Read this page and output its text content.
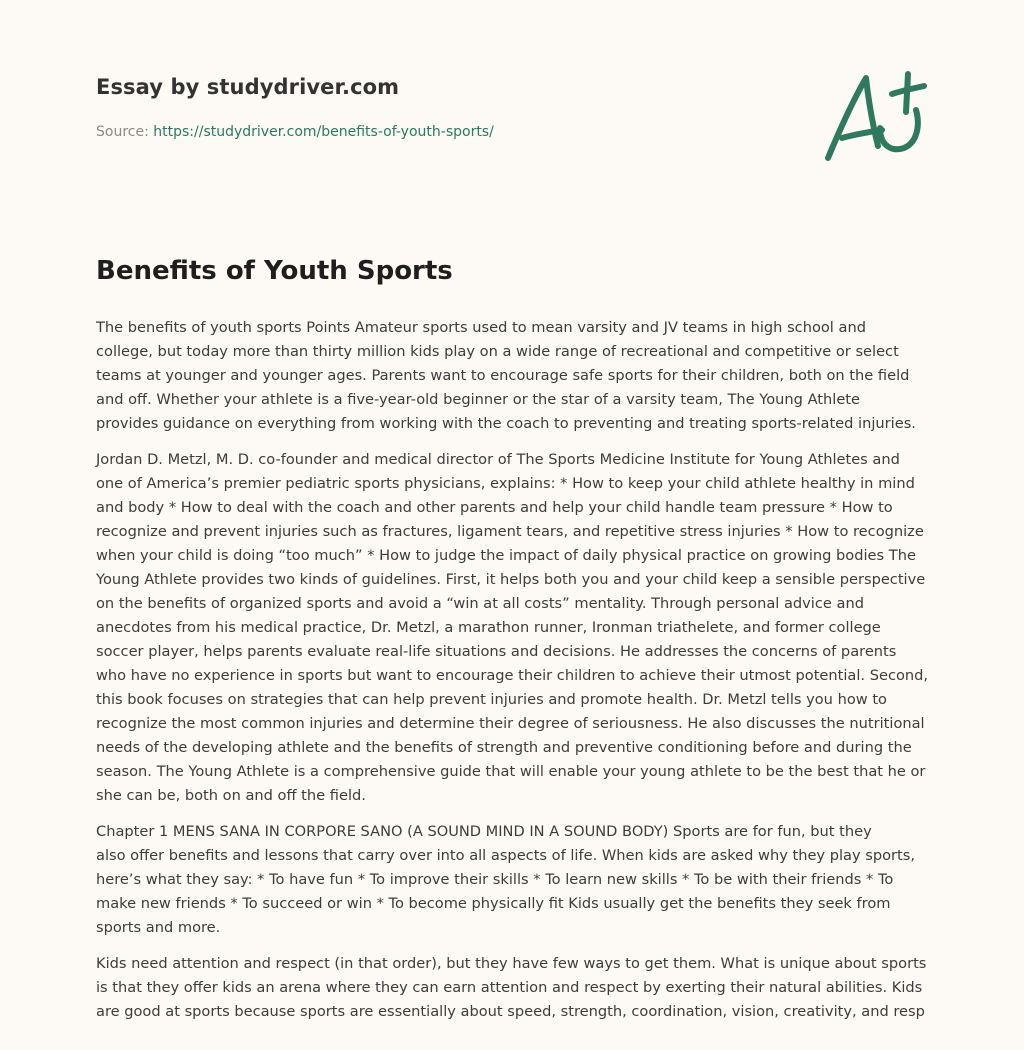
Essay by studydriver.com
Source: https://studydriver.com/benefits-of-youth-sports/
Benefits of Youth Sports

The benefits of youth sports Points Amateur sports used to mean varsity and JV teams in high school and
college, but today more than thirty million kids play on a wide range of recreational and competitive or select
teams at younger and younger ages. Parents want to encourage safe sports for their children, both on the field
and off. Whether your athlete is a five-year-old beginner or the star of a varsity team, The Young Athlete
provides guidance on everything from working with the coach to preventing and treating sports-related injuries.

Jordan D. Metzl, M. D. co-founder and medical director of The Sports Medicine Institute for Young Athletes and
one of America’s premier pediatric sports physicians, explains: * How to keep your child athlete healthy in mind
and body * How to deal with the coach and other parents and help your child handle team pressure * How to
recognize and prevent injuries such as fractures, ligament tears, and repetitive stress injuries * How to recognize
when your child is doing “too much” * How to judge the impact of daily physical practice on growing bodies The
Young Athlete provides two kinds of guidelines. First, it helps both you and your child keep a sensible perspective
on the benefits of organized sports and avoid a “win at all costs” mentality. Through personal advice and
anecdotes from his medical practice, Dr. Metzl, a marathon runner, Ironman triathelete, and former college
soccer player, helps parents evaluate real-life situations and decisions. He addresses the concerns of parents
who have no experience in sports but want to encourage their children to achieve their utmost potential. Second,
this book focuses on strategies that can help prevent injuries and promote health. Dr. Metzl tells you how to
recognize the most common injuries and determine their degree of seriousness. He also discusses the nutritional
needs of the developing athlete and the benefits of strength and preventive conditioning before and during the
season. The Young Athlete is a comprehensive guide that will enable your young athlete to be the best that he or
she can be, both on and off the field.

Chapter 1 MENS SANA IN CORPORE SANO (A SOUND MIND IN A SOUND BODY) Sports are for fun, but they
also offer benefits and lessons that carry over into all aspects of life. When kids are asked why they play sports,
here’s what they say: * To have fun * To improve their skills * To learn new skills * To be with their friends * To
make new friends * To succeed or win * To become physically fit Kids usually get the benefits they seek from
sports and more.

Kids need attention and respect (in that order), but they have few ways to get them. What is unique about sports
is that they offer kids an arena where they can earn attention and respect by exerting their natural abilities. Kids
are good at sports because sports are essentially about speed, strength, coordination, vision, creativity, and resp
